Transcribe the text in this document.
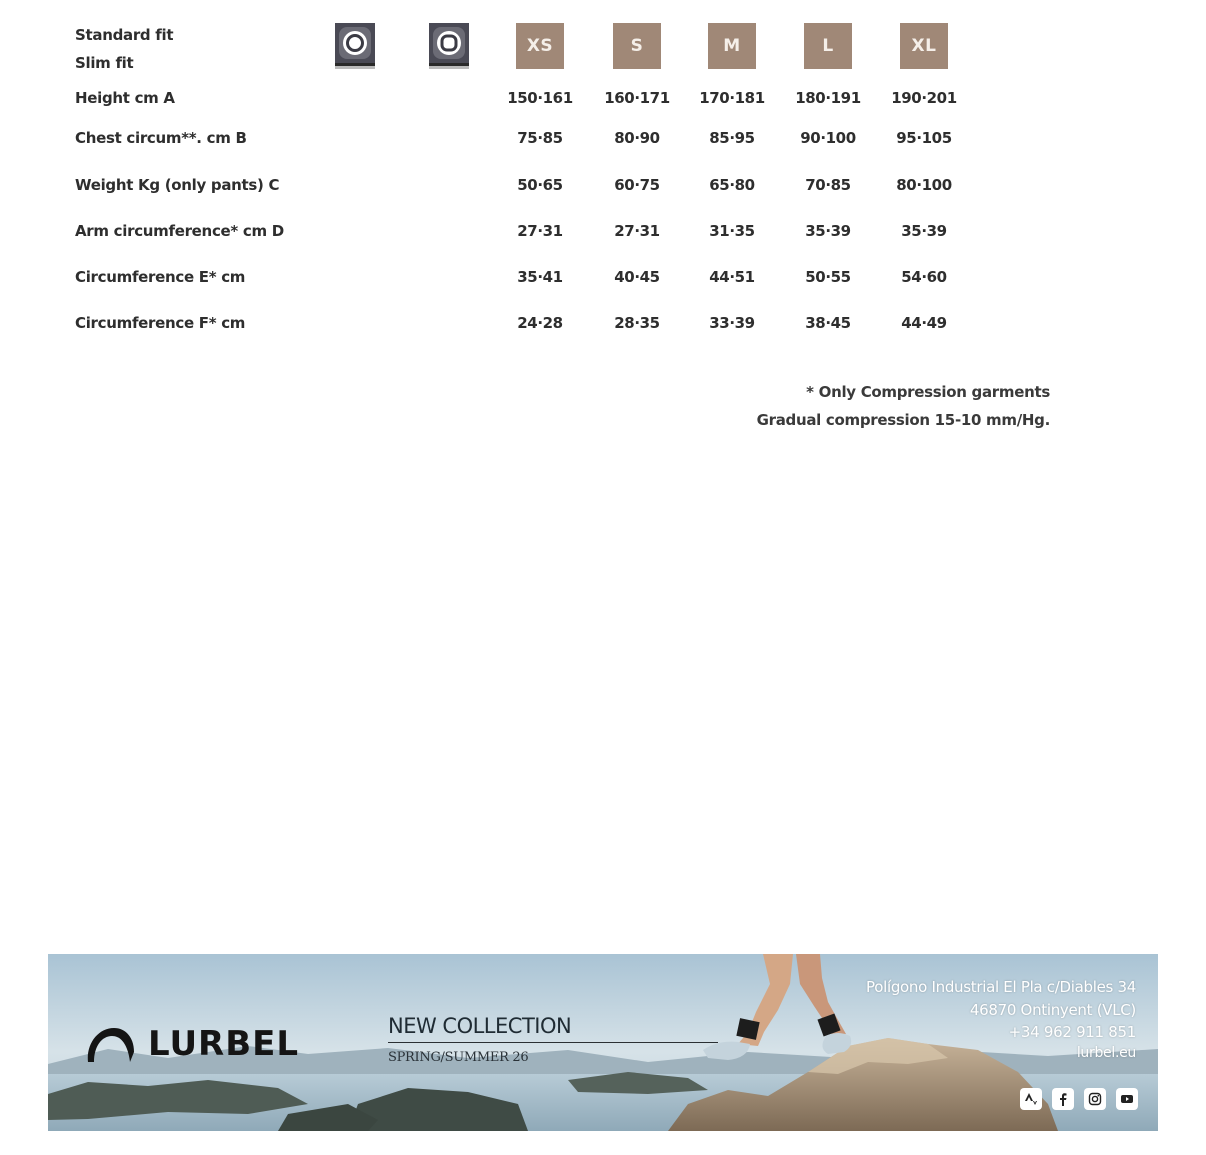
Standard fit
Slim fit
XS	S	M	L	XL
Height cm A	150·161	160·171	170·181	180·191	190·201
Chest circum**. cm B	75·85	80·90	85·95	90·100	95·105
Weight Kg (only pants) C	50·65	60·75	65·80	70·85	80·100
Arm circumference* cm D	27·31	27·31	31·35	35·39	35·39
Circumference E* cm	35·41	40·45	44·51	50·55	54·60
Circumference F* cm	24·28	28·35	33·39	38·45	44·49
* Only Compression garments
Gradual compression 15-10 mm/Hg.
LURBEL	NEW COLLECTION
SPRING/SUMMER 26
Polígono Industrial El Pla c/Diables 34
46870 Ontinyent (VLC)
+34 962 911 851
lurbel.eu
